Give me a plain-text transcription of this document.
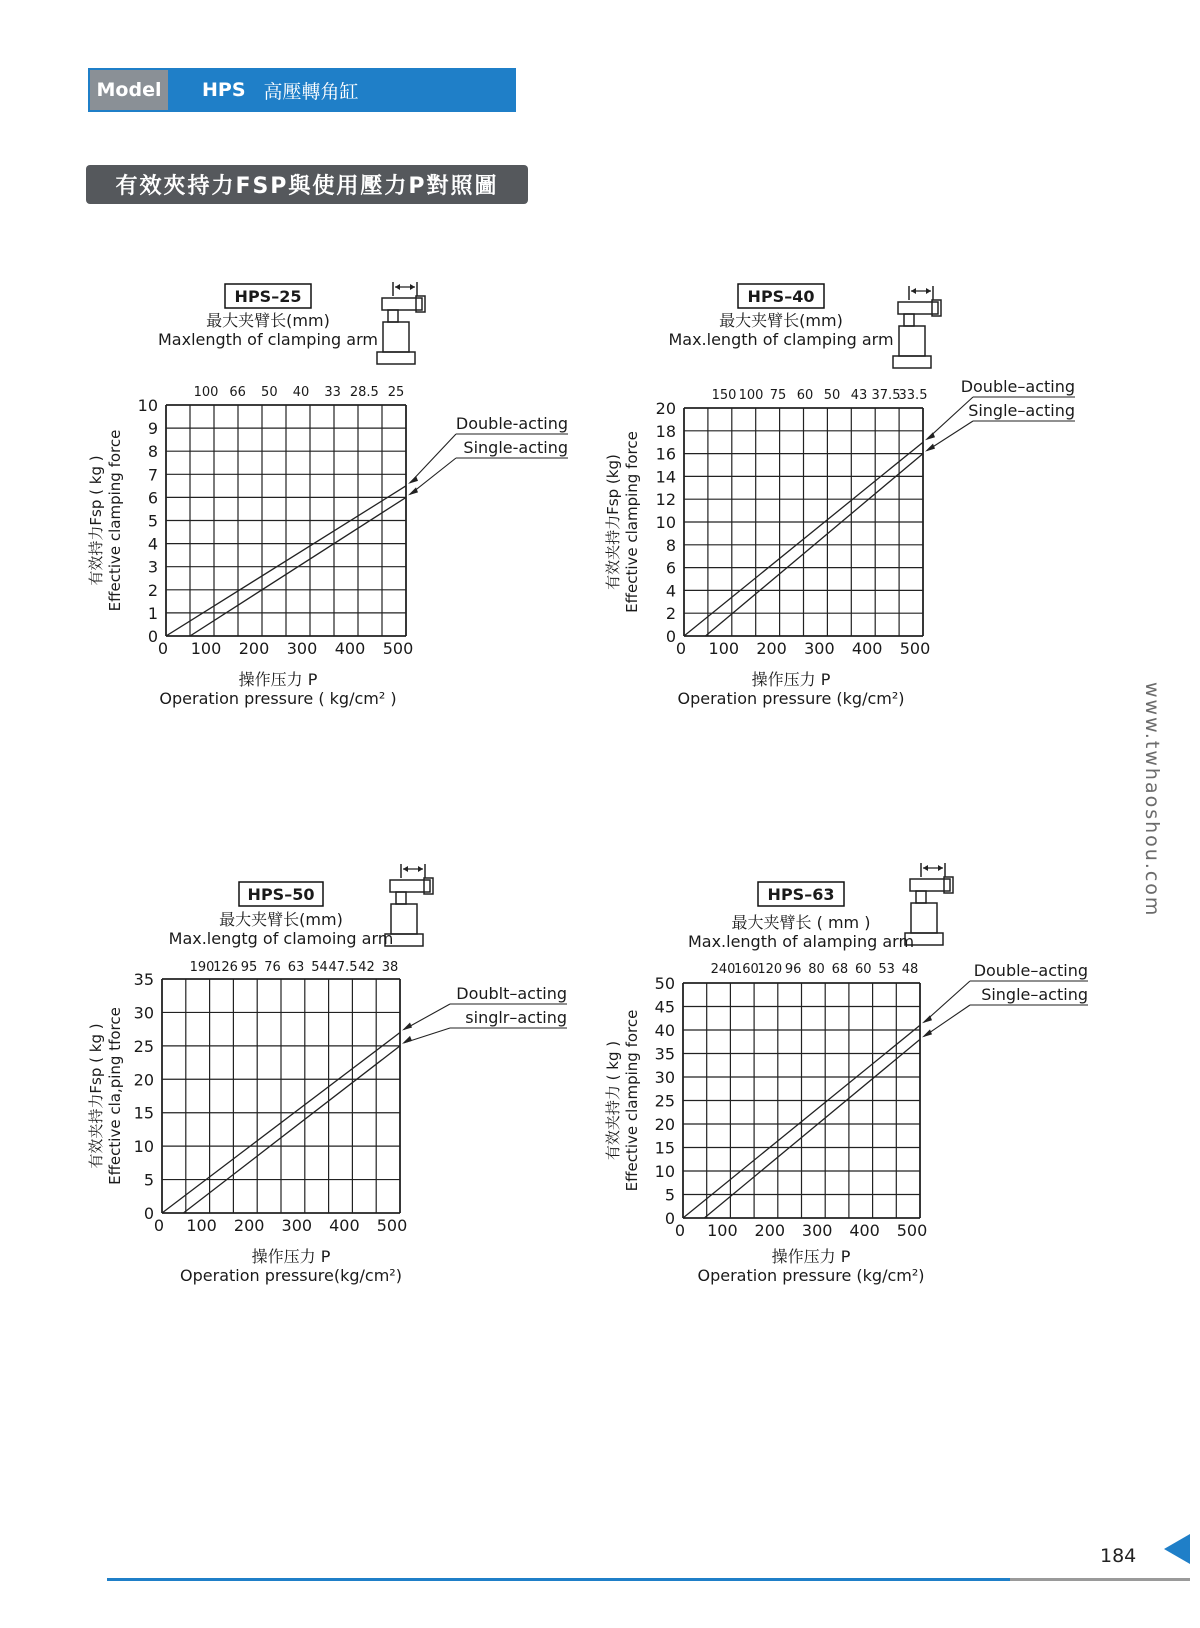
Model	HPS 高壓轉角缸
有效夾持力FSP與使用壓力P對照圖
HPS–25
最大夹臂长(mm)
Maxlength of clamping arm
100 66 50 40 33 28.5 25
0
1
2
3
4
5
6
7
8
9
10
0 100 200 300 400 500
操作压力 P
Operation pressure ( kg/cm² )
有效持力Fsp ( kg ) Effective clamping force
Double-acting
Single-acting
HPS–40
最大夹臂长(mm)
Max.length of clamping arm
150 100 75 60 50 43 37.5
33.5
0
2
4
6
8
10
12
14
16
18
20
0 100 200 300 400 500
操作压力 P
Operation pressure (kg/cm²)
有效夹持力Fsp (kg) Effective clamping force
Double–acting
Single–acting
HPS–50
最大夹臂长(mm)
Max.lengtg of clamoing arm
190
126 95 76 63 54 47.5 42 38
0
5
10
15
20
25
30
35
0 100 200 300 400 500
操作压力 P
Operation pressure(kg/cm²)
有效夹持力Fsp ( kg ) Effective cla,ping tforce
Doublt–acting
singlr–acting
HPS–63
最大夹臂长 ( mm )
Max.length of alamping arm
240
160
120 96 80 68 60 53 48
0
5
10
15
20
25
30
35
40
45
50
0 100 200 300 400 500
操作压力 P
Operation pressure (kg/cm²)
有效夹持力 ( kg ) Effective clamping force
Double–acting
Single–acting
www.twhaoshou.com
184
